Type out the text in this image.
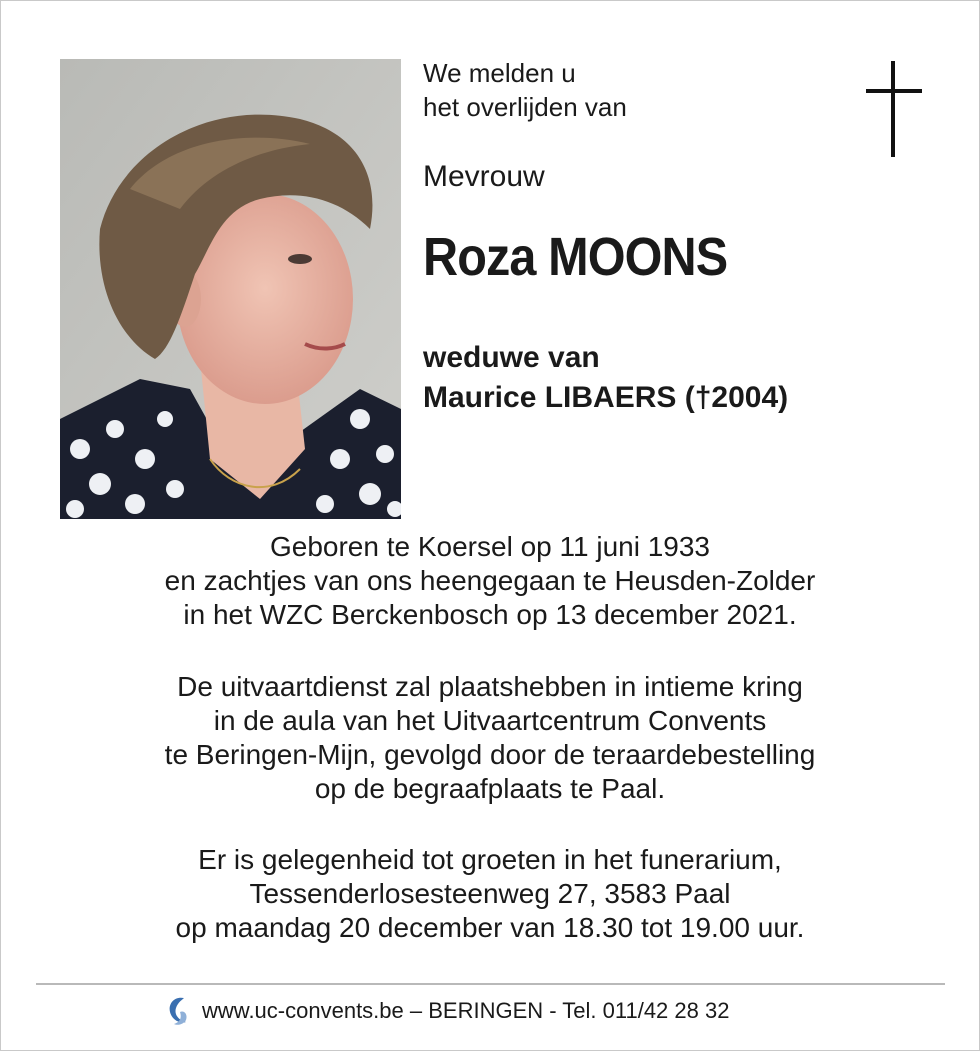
We melden u
het overlijden van
Mevrouw
Roza MOONS
weduwe van
Maurice LIBAERS (†2004)
Geboren te Koersel op 11 juni 1933
en zachtjes van ons heengegaan te Heusden-Zolder
in het WZC Berckenbosch op 13 december 2021.
De uitvaartdienst zal plaatshebben in intieme kring
in de aula van het Uitvaartcentrum Convents
te Beringen-Mijn, gevolgd door de teraardebestelling
op de begraafplaats te Paal.
Er is gelegenheid tot groeten in het funerarium,
Tessenderlosesteenweg 27, 3583 Paal
op maandag 20 december van 18.30 tot 19.00 uur.
www.uc-convents.be – BERINGEN - Tel. 011/42 28 32
